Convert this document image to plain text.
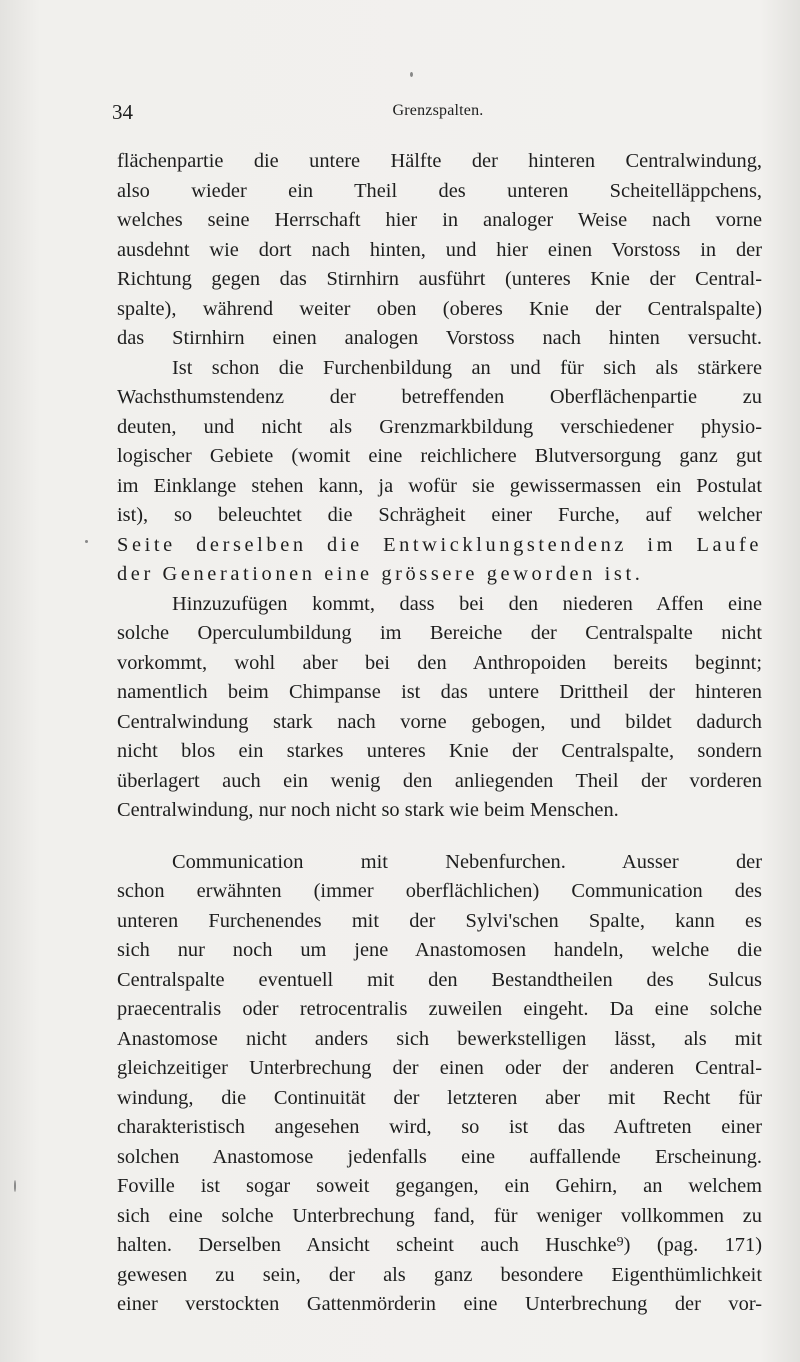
34	Grenzspalten.
flächenpartie die untere Hälfte der hinteren Centralwindung,
also wieder ein Theil des unteren Scheitelläppchens,
welches seine Herrschaft hier in analoger Weise nach vorne
ausdehnt wie dort nach hinten, und hier einen Vorstoss in der
Richtung gegen das Stirnhirn ausführt (unteres Knie der Central-
spalte), während weiter oben (oberes Knie der Centralspalte)
das Stirnhirn einen analogen Vorstoss nach hinten versucht.
Ist schon die Furchenbildung an und für sich als stärkere
Wachsthumstendenz der betreffenden Oberflächenpartie zu
deuten, und nicht als Grenzmarkbildung verschiedener physio-
logischer Gebiete (womit eine reichlichere Blutversorgung ganz gut
im Einklange stehen kann, ja wofür sie gewissermassen ein Postulat
ist), so beleuchtet die Schrägheit einer Furche, auf welcher
Seite derselben die Entwicklungstendenz im Laufe
der Generationen eine grössere geworden ist.
Hinzuzufügen kommt, dass bei den niederen Affen eine
solche Operculumbildung im Bereiche der Centralspalte nicht
vorkommt, wohl aber bei den Anthropoiden bereits beginnt;
namentlich beim Chimpanse ist das untere Drittheil der hinteren
Centralwindung stark nach vorne gebogen, und bildet dadurch
nicht blos ein starkes unteres Knie der Centralspalte, sondern
überlagert auch ein wenig den anliegenden Theil der vorderen
Centralwindung, nur noch nicht so stark wie beim Menschen.
Communication mit Nebenfurchen. Ausser der
schon erwähnten (immer oberflächlichen) Communication des
unteren Furchenendes mit der Sylvi'schen Spalte, kann es
sich nur noch um jene Anastomosen handeln, welche die
Centralspalte eventuell mit den Bestandtheilen des Sulcus
praecentralis oder retrocentralis zuweilen eingeht. Da eine solche
Anastomose nicht anders sich bewerkstelligen lässt, als mit
gleichzeitiger Unterbrechung der einen oder der anderen Central-
windung, die Continuität der letzteren aber mit Recht für
charakteristisch angesehen wird, so ist das Auftreten einer
solchen Anastomose jedenfalls eine auffallende Erscheinung.
Foville ist sogar soweit gegangen, ein Gehirn, an welchem
sich eine solche Unterbrechung fand, für weniger vollkommen zu
halten. Derselben Ansicht scheint auch Huschke⁹) (pag. 171)
gewesen zu sein, der als ganz besondere Eigenthümlichkeit
einer verstockten Gattenmörderin eine Unterbrechung der vor-
